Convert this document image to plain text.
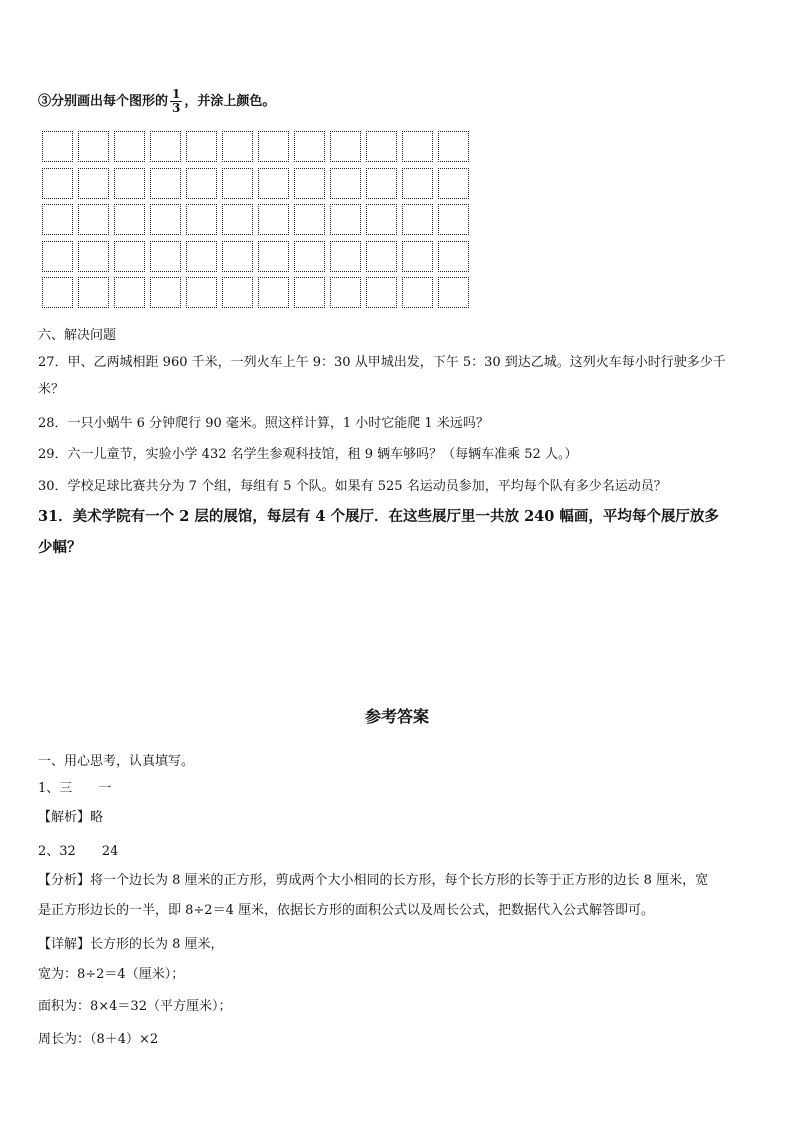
③分别画出每个图形的 $\frac{1}{3}$ ，并涂上颜色。
六、解决问题
27．甲、乙两城相距 960 千米，一列火车上午 9：30 从甲城出发，下午 5：30 到达乙城。这列火车每小时行驶多少千
米？
28．一只小蜗牛 6 分钟爬行 90 毫米。照这样计算，1 小时它能爬 1 米远吗？
29．六一儿童节，实验小学 432 名学生参观科技馆，租 9 辆车够吗？（每辆车准乘 52 人。）
30．学校足球比赛共分为 7 个组，每组有 5 个队。如果有 525 名运动员参加，平均每个队有多少名运动员？
31．美术学院有一个 2 层的展馆，每层有 4 个展厅．在这些展厅里一共放 240 幅画，平均每个展厅放多
少幅？
参考答案
一、用心思考，认真填写。
1、三　　一
【解析】略
2、32　　24
【分析】将一个边长为 8 厘米的正方形，剪成两个大小相同的长方形，每个长方形的长等于正方形的边长 8 厘米，宽
是正方形边长的一半，即 8÷2＝4 厘米，依据长方形的面积公式以及周长公式，把数据代入公式解答即可。
【详解】长方形的长为 8 厘米，
宽为：8÷2＝4（厘米）；
面积为：8×4＝32（平方厘米）；
周长为：（8＋4）×2
